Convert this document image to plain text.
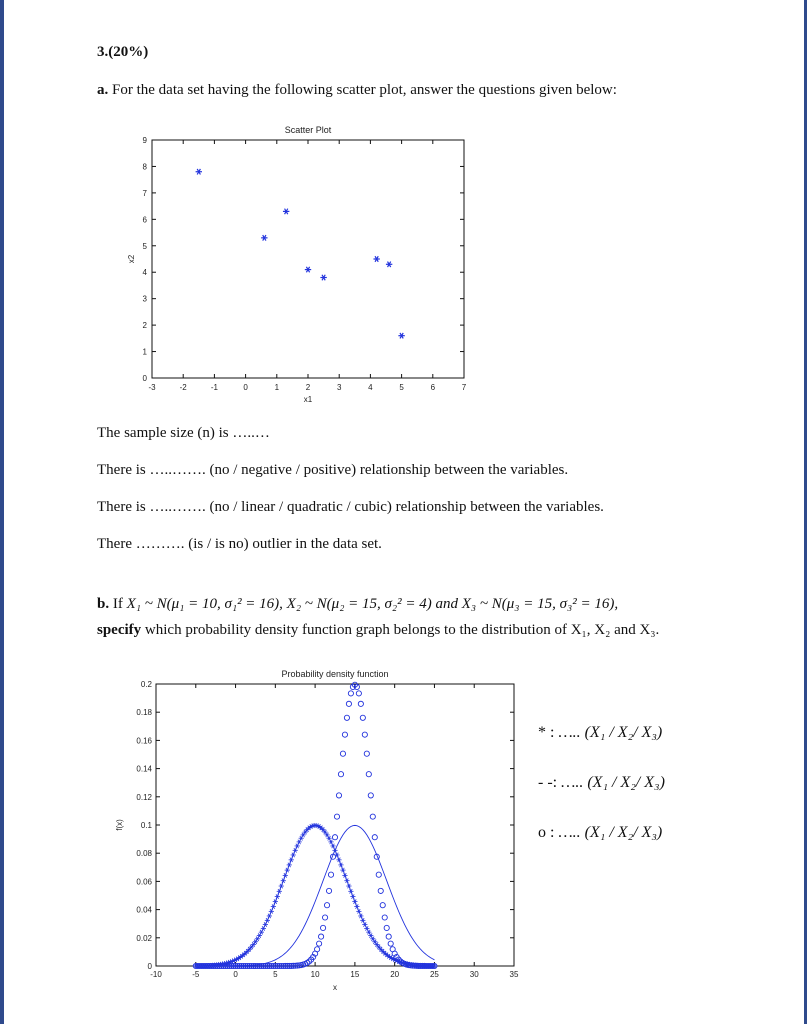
3.(20%)
a. For the data set having the following scatter plot, answer the questions given below:
Scatter Plot
-3	-2	-1	0	1	2	3	4	5	6	7
0
1
2
3
4
5
6
7
8
9
x1
x2
The sample size (n) is …..…
There is …..……. (no / negative / positive) relationship between the variables.
There is …..……. (no / linear / quadratic / cubic) relationship between the variables.
There ………. (is / is no) outlier in the data set.
b. If X₁ ~ N(μ₁ = 10, σ₁² = 16), X₂ ~ N(μ₂ = 15, σ₂² = 4) and X₃ ~ N(μ₃ = 15, σ₃² = 16),
specify which probability density function graph belongs to the distribution of X₁, X₂ and X₃.
Probability density function
-10	-5	0	5	10	15	20	25	30	35
0
0.02
0.04
0.06
0.08
0.1
0.12
0.14
0.16
0.18
0.2
x
f(x)
* : ….. (X₁ / X₂/ X₃)
- -: ….. (X₁ / X₂/ X₃)
o : ….. (X₁ / X₂/ X₃)
